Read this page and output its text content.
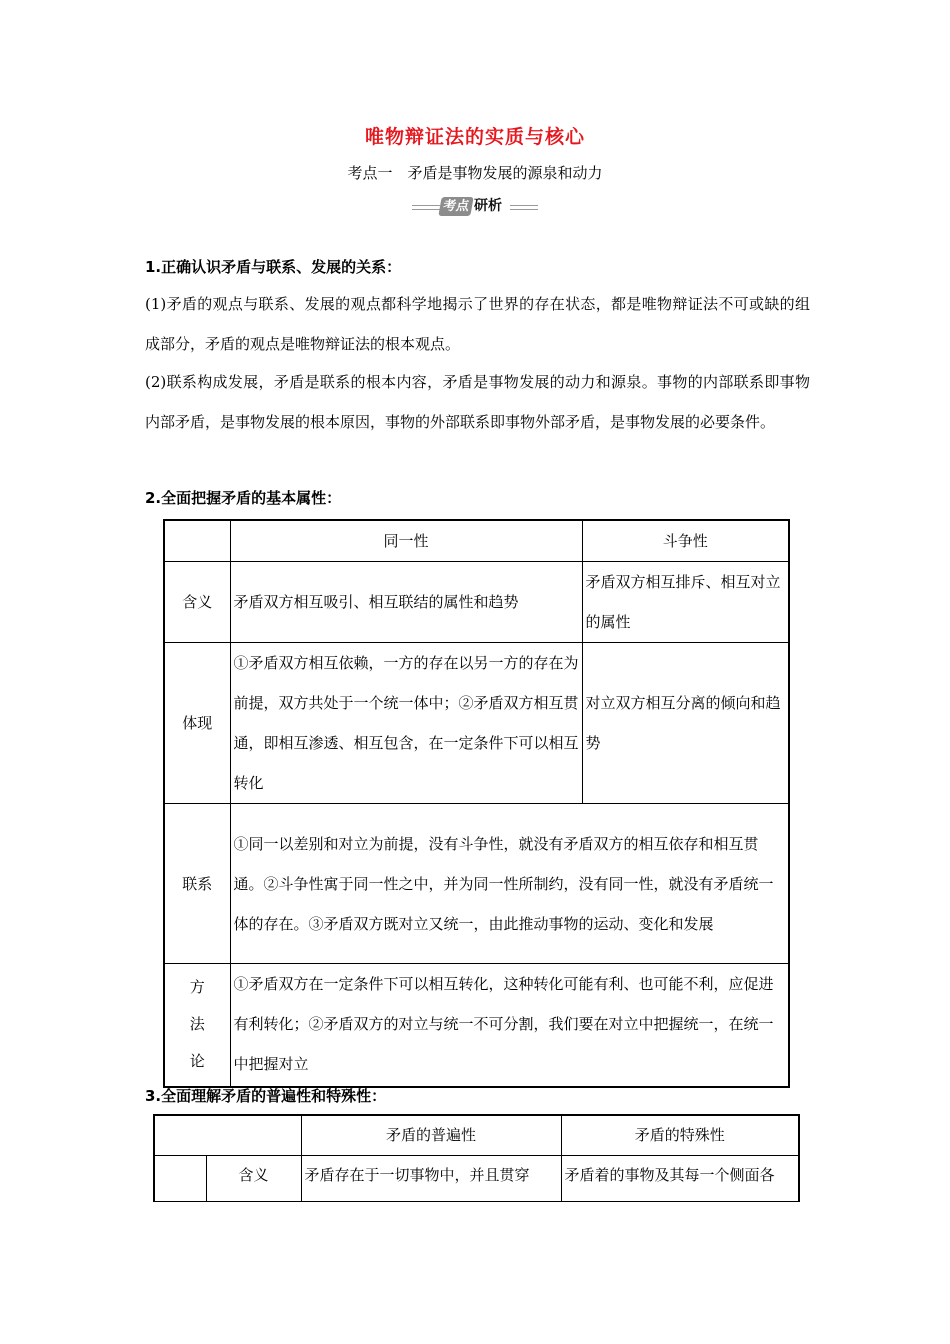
唯物辩证法的实质与核心
考点一　矛盾是事物发展的源泉和动力
考点 研析
1.正确认识矛盾与联系、发展的关系：
(1)矛盾的观点与联系、发展的观点都科学地揭示了世界的存在状态，都是唯物辩证法不可或缺的组成部分，矛盾的观点是唯物辩证法的根本观点。
(2)联系构成发展，矛盾是联系的根本内容，矛盾是事物发展的动力和源泉。事物的内部联系即事物内部矛盾，是事物发展的根本原因，事物的外部联系即事物外部矛盾，是事物发展的必要条件。
2.全面把握矛盾的基本属性：
	同一性	斗争性
含义	矛盾双方相互吸引、相互联结的属性和趋势	矛盾双方相互排斥、相互对立的属性
体现	①矛盾双方相互依赖，一方的存在以另一方的存在为前提，双方共处于一个统一体中；②矛盾双方相互贯通，即相互渗透、相互包含，在一定条件下可以相互转化	对立双方相互分离的倾向和趋势
联系	①同一以差别和对立为前提，没有斗争性，就没有矛盾双方的相互依存和相互贯通。②斗争性寓于同一性之中，并为同一性所制约，没有同一性，就没有矛盾统一体的存在。③矛盾双方既对立又统一，由此推动事物的运动、变化和发展	
方法论	①矛盾双方在一定条件下可以相互转化，这种转化可能有利、也可能不利，应促进有利转化；②矛盾双方的对立与统一不可分割，我们要在对立中把握统一，在统一中把握对立	
3.全面理解矛盾的普遍性和特殊性：
		矛盾的普遍性	矛盾的特殊性
	含义	矛盾存在于一切事物中，并且贯穿	矛盾着的事物及其每一个侧面各
